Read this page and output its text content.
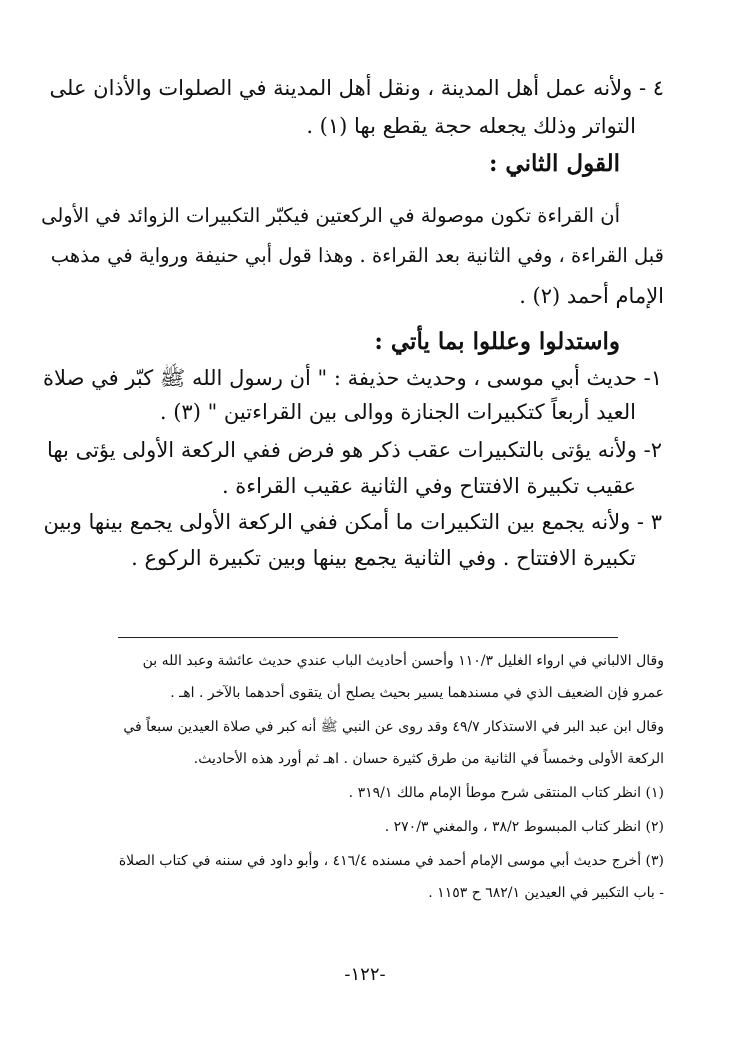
٤ - ولأنه عمل أهل المدينة ، ونقل أهل المدينة في الصلوات والأذان على
التواتر وذلك يجعله حجة يقطع بها (١) .
القول الثاني :
أن القراءة تكون موصولة في الركعتين فيكبّر التكبيرات الزوائد في الأولى
قبل القراءة ، وفي الثانية بعد القراءة . وهذا قول أبي حنيفة ورواية في مذهب
الإمام أحمد (٢) .
واستدلوا وعللوا بما يأتي :
١- حديث أبي موسى ، وحديث حذيفة : " أن رسول الله ﷺ كبّر في صلاة
العيد أربعاً كتكبيرات الجنازة ووالى بين القراءتين " (٣) .
٢- ولأنه يؤتى بالتكبيرات عقب ذكر هو فرض ففي الركعة الأولى يؤتى بها
عقيب تكبيرة الافتتاح وفي الثانية عقيب القراءة .
٣ - ولأنه يجمع بين التكبيرات ما أمكن ففي الركعة الأولى يجمع بينها وبين
تكبيرة الافتتاح . وفي الثانية يجمع بينها وبين تكبيرة الركوع .
وقال الالباني في ارواء الغليل ١١٠/٣ وأحسن أحاديث الباب عندي حديث عائشة وعبد الله بن
عمرو فإن الضعيف الذي في مسندهما يسير بحيث يصلح أن يتقوى أحدهما بالآخر . اهـ .
وقال ابن عبد البر في الاستذكار ٤٩/٧ وقد روى عن النبي ﷺ أنه كبر في صلاة العيدين سبعاً في
الركعة الأولى وخمساً في الثانية من طرق كثيرة حسان . اهـ ثم أورد هذه الأحاديث.
(١) انظر كتاب المنتقى شرح موطأ الإمام مالك ٣١٩/١ .
(٢) انظر كتاب المبسوط ٣٨/٢ ، والمغني ٢٧٠/٣ .
(٣) أخرج حديث أبي موسى الإمام أحمد في مسنده ٤١٦/٤ ، وأبو داود في سننه في كتاب الصلاة
- باب التكبير في العيدين ٦٨٢/١ ح ١١٥٣ .
-١٢٢-
